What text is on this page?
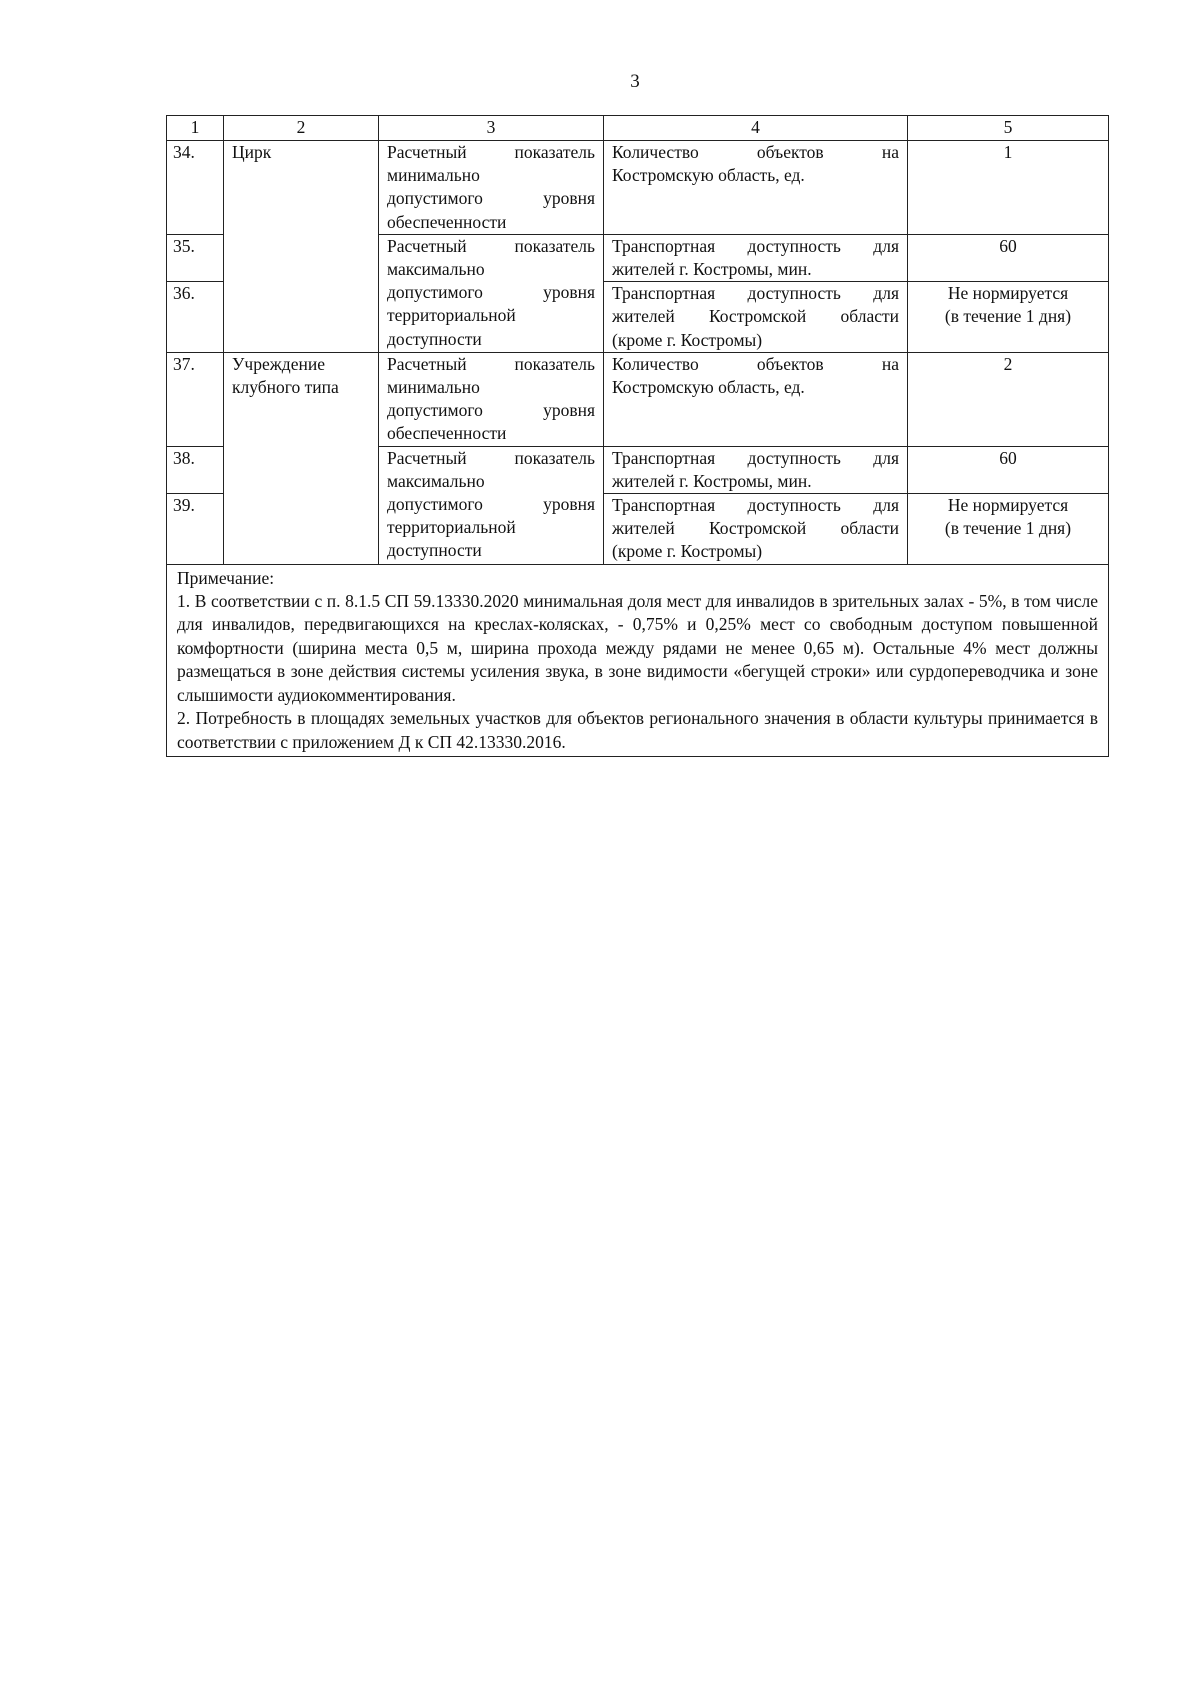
3
1	2	3	4	5
34.	Цирк	Расчетный показатель
минимально
допустимого уровня
обеспеченности	Количество объектов на
Костромскую область, ед.	1
35.		Расчетный показатель
максимально
допустимого уровня
территориальной
доступности	Транспортная доступность для
жителей г. Костромы, мин.	60
36.			Транспортная доступность для
жителей Костромской области
(кроме г. Костромы)	Не нормируется
(в течение 1 дня)

37.	Учреждение
клубного типа	Расчетный показатель
минимально
допустимого уровня
обеспеченности	Количество объектов на
Костромскую область, ед.	2
38.		Расчетный показатель
максимально
допустимого уровня
территориальной
доступности	Транспортная доступность для
жителей г. Костромы, мин.	60
39.			Транспортная доступность для
жителей Костромской области
(кроме г. Костромы)	Не нормируется
(в течение 1 дня)

Примечание:
1. В соответствии с п. 8.1.5 СП 59.13330.2020 минимальная доля мест для инвалидов в зрительных залах - 5%, в том числе для инвалидов, передвигающихся на креслах-колясках, - 0,75% и 0,25% мест со свободным доступом повышенной комфортности (ширина места 0,5 м, ширина прохода между рядами не менее 0,65 м). Остальные 4% мест должны размещаться в зоне действия системы усиления звука, в зоне видимости «бегущей строки» или сурдопереводчика и зоне слышимости аудиокомментирования.
2. Потребность в площадях земельных участков для объектов регионального значения в области культуры принимается в соответствии с приложением Д к СП 42.13330.2016.				
